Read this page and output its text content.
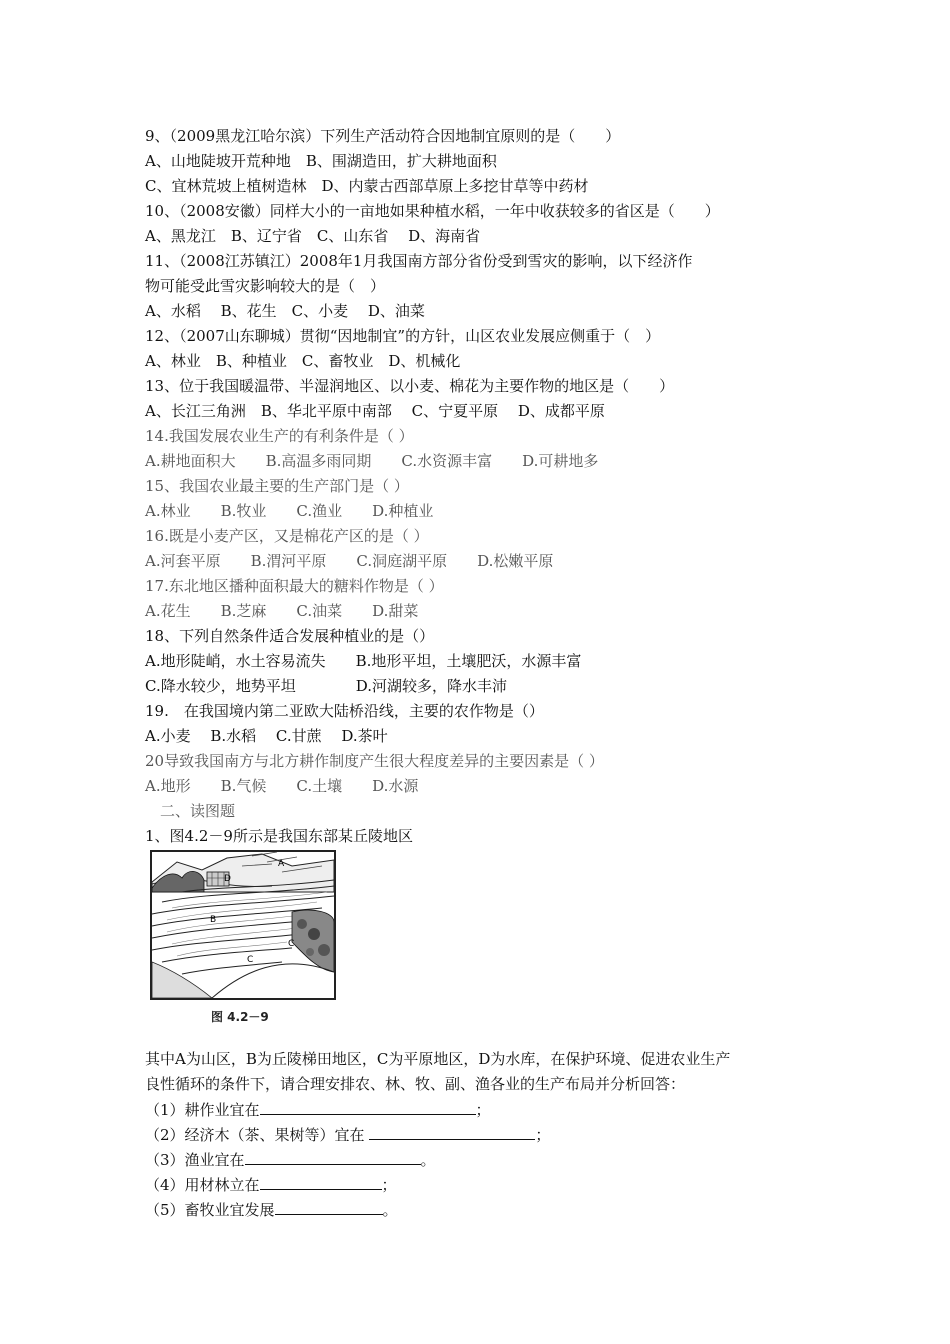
9、（2009黑龙江哈尔滨）下列生产活动符合因地制宜原则的是（　　）
A、山地陡坡开荒种地　B、围湖造田，扩大耕地面积
C、宜林荒坡上植树造林　D、内蒙古西部草原上多挖甘草等中药材
10、（2008安徽）同样大小的一亩地如果种植水稻，一年中收获较多的省区是（　　）
A、黑龙江　B、辽宁省　C、山东省　 D、海南省
11、（2008江苏镇江）2008年1月我国南方部分省份受到雪灾的影响，以下经济作
物可能受此雪灾影响较大的是（　）
A、水稻　 B、花生　C、小麦　 D、油菜
12、（2007山东聊城）贯彻“因地制宜”的方针，山区农业发展应侧重于（　）
A、林业　B、种植业　C、畜牧业　D、机械化
13、位于我国暖温带、半湿润地区、以小麦、棉花为主要作物的地区是（　　）
A、长江三角洲　B、华北平原中南部　 C、宁夏平原　 D、成都平原
14.我国发展农业生产的有利条件是（ ）
A.耕地面积大　　B.高温多雨同期　　C.水资源丰富　　D.可耕地多
15、我国农业最主要的生产部门是（ ）
A.林业　　B.牧业　　C.渔业　　D.种植业
16.既是小麦产区，又是棉花产区的是（ ）
A.河套平原　　B.渭河平原　　C.洞庭湖平原　　D.松嫩平原
17.东北地区播种面积最大的糖料作物是（ ）
A.花生　　B.芝麻　　C.油菜　　D.甜菜
18、下列自然条件适合发展种植业的是（）
A.地形陡峭，水土容易流失　　B.地形平坦，土壤肥沃，水源丰富
C.降水较少，地势平坦　　　　D.河湖较多，降水丰沛
19.　在我国境内第二亚欧大陆桥沿线，主要的农作物是（）
A.小麦　 B.水稻　 C.甘蔗　 D.茶叶
20导致我国南方与北方耕作制度产生很大程度差异的主要因素是（ ）
A.地形　　B.气候　　C.土壤　　D.水源
　二、读图题
1、图4.2－9所示是我国东部某丘陵地区
A
D
B
C
C
图 4.2－9
其中A为山区，B为丘陵梯田地区，C为平原地区，D为水库，在保护环境、促进农业生产
良性循环的条件下，请合理安排农、林、牧、副、渔各业的生产布局并分析回答：
（1）耕作业宜在	；
（2）经济木（茶、果树等）宜在	；
（3）渔业宜在	。
（4）用材林立在	；
（5）畜牧业宜发展	。
